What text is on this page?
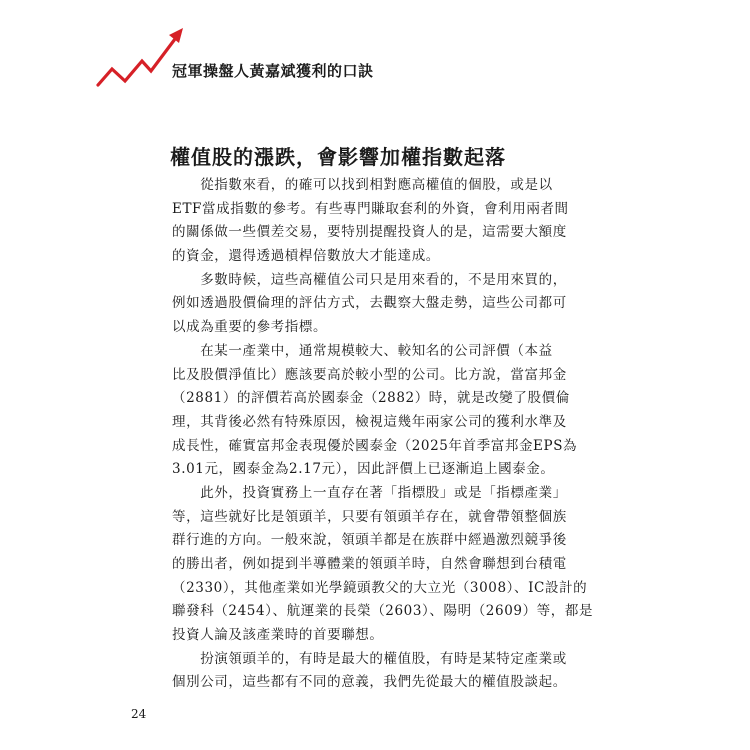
冠軍操盤人黃嘉斌獲利的口訣
權值股的漲跌，會影響加權指數起落
　　從指數來看，的確可以找到相對應高權值的個股，或是以
ETF當成指數的參考。有些專門賺取套利的外資，會利用兩者間
的關係做一些價差交易，要特別提醒投資人的是，這需要大額度
的資金，還得透過槓桿倍數放大才能達成。
　　多數時候，這些高權值公司只是用來看的，不是用來買的，
例如透過股價倫理的評估方式，去觀察大盤走勢，這些公司都可
以成為重要的參考指標。
　　在某一產業中，通常規模較大、較知名的公司評價（本益
比及股價淨值比）應該要高於較小型的公司。比方說，當富邦金
（2881）的評價若高於國泰金（2882）時，就是改變了股價倫
理，其背後必然有特殊原因，檢視這幾年兩家公司的獲利水準及
成長性，確實富邦金表現優於國泰金（2025年首季富邦金EPS為
3.01元，國泰金為2.17元），因此評價上已逐漸追上國泰金。
　　此外，投資實務上一直存在著「指標股」或是「指標產業」
等，這些就好比是領頭羊，只要有領頭羊存在，就會帶領整個族
群行進的方向。一般來說，領頭羊都是在族群中經過激烈競爭後
的勝出者，例如提到半導體業的領頭羊時，自然會聯想到台積電
（2330），其他產業如光學鏡頭教父的大立光（3008）、IC設計的
聯發科（2454）、航運業的長榮（2603）、陽明（2609）等，都是
投資人論及該產業時的首要聯想。
　　扮演領頭羊的，有時是最大的權值股，有時是某特定產業或
個別公司，這些都有不同的意義，我們先從最大的權值股談起。
24
